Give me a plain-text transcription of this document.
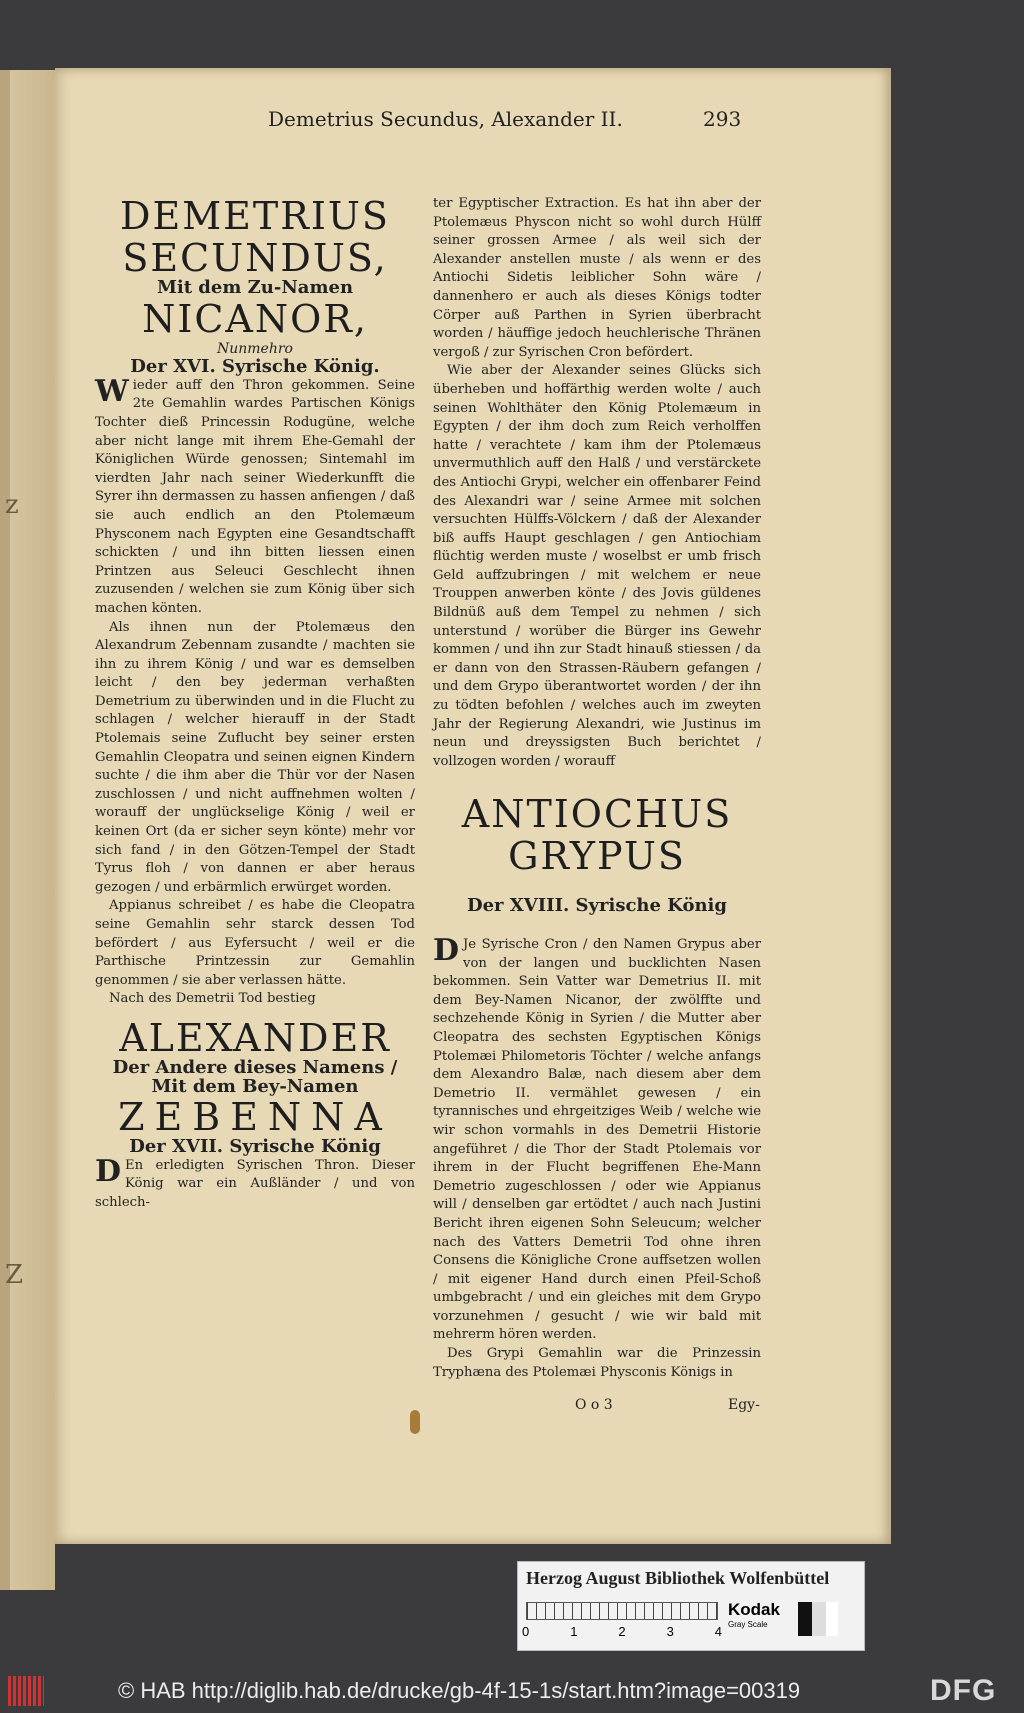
z
Z
Demetrius Secundus, Alexander II.	293

DEMETRIUS SECUNDUS,

Mit dem Zu-Namen

NICANOR,

Nunmehro

Der XVI. Syrische König.

Wieder auff den Thron gekommen. Seine 2te Gemahlin wardes Partischen Königs Tochter dieß Princessin Rodugüne, welche aber nicht lange mit ihrem Ehe-Gemahl der Königlichen Würde genossen; Sintemahl im vierdten Jahr nach seiner Wiederkunfft die Syrer ihn dermassen zu hassen anfiengen / daß sie auch endlich an den Ptolemæum Physconem nach Egypten eine Gesandtschafft schickten / und ihn bitten liessen einen Printzen aus Seleuci Geschlecht ihnen zuzusenden / welchen sie zum König über sich machen könten.

Als ihnen nun der Ptolemæus den Alexandrum Zebennam zusandte / machten sie ihn zu ihrem König / und war es demselben leicht / den bey jederman verhaßten Demetrium zu überwinden und in die Flucht zu schlagen / welcher hierauff in der Stadt Ptolemais seine Zuflucht bey seiner ersten Gemahlin Cleopatra und seinen eignen Kindern suchte / die ihm aber die Thür vor der Nasen zuschlossen / und nicht auffnehmen wolten / worauff der unglückselige König / weil er keinen Ort (da er sicher seyn könte) mehr vor sich fand / in den Götzen-Tempel der Stadt Tyrus floh / von dannen er aber heraus gezogen / und erbärmlich erwürget worden.

Appianus schreibet / es habe die Cleopatra seine Gemahlin sehr starck dessen Tod befördert / aus Eyfersucht / weil er die Parthische Printzessin zur Gemahlin genommen / sie aber verlassen hätte.

Nach des Demetrii Tod bestieg

ALEXANDER

Der Andere dieses Namens /

Mit dem Bey-Namen

ZEBENNA

Der XVII. Syrische König

D En erledigten Syrischen Thron. Dieser König war ein Außländer / und von schlech-

ter Egyptischer Extraction. Es hat ihn aber der Ptolemæus Physcon nicht so wohl durch Hülff seiner grossen Armee / als weil sich der Alexander anstellen muste / als wenn er des Antiochi Sidetis leiblicher Sohn wäre / dannenhero er auch als dieses Königs todter Cörper auß Parthen in Syrien überbracht worden / häuffige jedoch heuchlerische Thränen vergoß / zur Syrischen Cron befördert.

Wie aber der Alexander seines Glücks sich überheben und hoffärthig werden wolte / auch seinen Wohlthäter den König Ptolemæum in Egypten / der ihm doch zum Reich verholffen hatte / verachtete / kam ihm der Ptolemæus unvermuthlich auff den Halß / und verstärckete des Antiochi Grypi, welcher ein offenbarer Feind des Alexandri war / seine Armee mit solchen versuchten Hülffs-Völckern / daß der Alexander biß auffs Haupt geschlagen / gen Antiochiam flüchtig werden muste / woselbst er umb frisch Geld auffzubringen / mit welchem er neue Trouppen anwerben könte / des Jovis güldenes Bildnüß auß dem Tempel zu nehmen / sich unterstund / worüber die Bürger ins Gewehr kommen / und ihn zur Stadt hinauß stiessen / da er dann von den Strassen-Räubern gefangen / und dem Grypo überantwortet worden / der ihn zu tödten befohlen / welches auch im zweyten Jahr der Regierung Alexandri, wie Justinus im neun und dreyssigsten Buch berichtet / vollzogen worden / worauff

ANTIOCHUS

GRYPUS

Der XVIII. Syrische König

D Je Syrische Cron / den Namen Grypus aber von der langen und bucklichten Nasen bekommen. Sein Vatter war Demetrius II. mit dem Bey-Namen Nicanor, der zwölffte und sechzehende König in Syrien / die Mutter aber Cleopatra des sechsten Egyptischen Königs Ptolemæi Philometoris Töchter / welche anfangs dem Alexandro Balæ, nach diesem aber dem Demetrio II. vermählet gewesen / ein tyrannisches und ehrgeitziges Weib / welche wie wir schon vormahls in des Demetrii Historie angeführet / die Thor der Stadt Ptolemais vor ihrem in der Flucht begriffenen Ehe-Mann Demetrio zugeschlossen / oder wie Appianus will / denselben gar ertödtet / auch nach Justini Bericht ihren eigenen Sohn Seleucum; welcher nach des Vatters Demetrii Tod ohne ihren Consens die Königliche Crone auffsetzen wollen / mit eigener Hand durch einen Pfeil-Schoß umbgebracht / und ein gleiches mit dem Grypo vorzunehmen / gesucht / wie wir bald mit mehrerm hören werden.

Des Grypi Gemahlin war die Prinzessin Tryphæna des Ptolemæi Physconis Königs in

O o 3	Egy-
Herzog August Bibliothek Wolfenbüttel
0	1	2	3	4
Kodak
Gray Scale
© HAB http://diglib.hab.de/drucke/gb-4f-15-1s/start.htm?image=00319	DFG
